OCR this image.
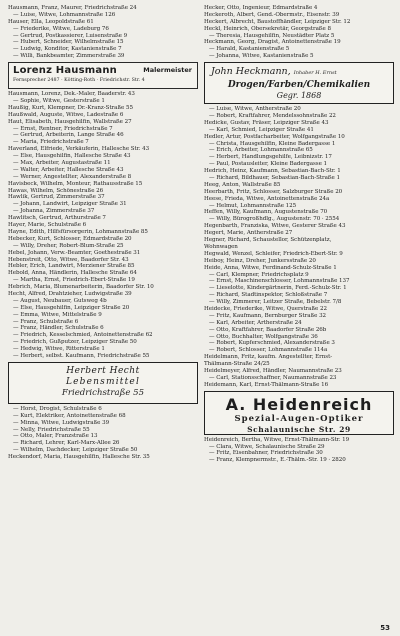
Hausmann, Franz, Maurer, Friedrichstraße 24
— Luise, Witwe, Lohmannstraße 126
Hauser, Ella, Leopoldstraße 61
— Friederike, Witwe, Ladeburg 76
— Gertrud, Postkassierer, Luisenstraße 9
— Hubert, Schneider, Wilhelmstraße 15
— Ludwig, Konditor, Kastanienstraße 7
— Willi, Bankbeamter, Zimmerstraße 39
Lorenz Hausmann	Malermeister
Fernsprecher 2487 · Kötting-Roth · Friedrichstr. Str. 4
Hausmann, Lorenz, Dek.-Maler, Baaderstr. 43
— Sophie, Witwe, Gesterstraße 1
Haußig, Kurt, Klempner, Dr.-Kranz-Straße 55
Haußwald, Auguste, Witwe, Ladestraße 6
Haut, Elisabeth, Hausgehilfin, Wallstraße 27
— Ernst, Rentner, Friedrichstraße 7
— Gertrud, Arbeiterin, Lange Straße 46
— Maria, Friedrichstraße 7
Haverland, Elfriede, Verkäuferin, Hallesche Str. 43
— Else, Hausgehilfin, Hallesche Straße 43
— Max, Arbeiter, Augustastraße 11
— Walter, Arbeiter, Hallesche Straße 43
— Werner, Angestellter, Alexanderstraße 8
Havisbeck, Wilhelm, Monteur, Rathausstraße 15
Hawas, Wilhelm, Schönestraße 26
Hawlik, Gertrud, Zimmerstraße 37
— Johann, Landwirt, Leipziger Straße 31
— Johanna, Zimmerstraße 37
Hawlitsch, Gertrud, Arthurstraße 7
Hayer, Marie, Schulstraße 6
Hayne, Edith, Hilfsfürsorgerin, Lohmannstraße 85
Hebecker, Kurt, Schlosser, Edmardstraße 20
— Willy, Dreher, Robert-Blum-Straße 25
Hebel, Johann, Verw.-Beamter, Goethestraße 31
Hebenstreit, Otto, Witwe, Baadorfer Str. 43
Hebler, Erich, Landwirt, Merziener Straße 85
Hebold, Anna, Händlerin, Hallesche Straße 64
— Martha, Ernst, Friedrich-Ebert-Straße 19
Hebrich, Maria, Blumenarbeiterin, Baadorfer Str. 10
Hecht, Alfred, Drahtzieher, Ludwigstraße 39
— August, Neubauer, Gutsweg 4b
— Else, Hausgehilfin, Leipziger Straße 20
— Emma, Witwe, Mittelstraße 9
— Franz, Schulstraße 6
— Franz, Händler, Schulstraße 6
— Friedrich, Kesselschmied, Antoinettenstraße 62
— Friedrich, Gußputzer, Leipziger Straße 50
— Hedwig, Witwe, Ritterstraße 1
— Herbert, selbst. Kaufmann, Friedrichstraße 55
Herbert Hecht
Lebensmittel
Friedrichstraße 55
— Horst, Drogist, Schulstraße 6
— Kurt, Elektriker, Antoinettenstraße 68
— Minna, Witwe, Ludwigstraße 39
— Nelly, Friedrichstraße 55
— Otto, Maler, Franzstraße 13
— Richard, Lehrer, Karl-Marx-Allee 26
— Wilhelm, Dachdecker, Leipziger Straße 50
Heckendorf, Maria, Hausgehilfin, Hallesche Str. 35
Hecker, Otto, Ingenieur, Edmardstraße 4
Heckeroth, Albert, Gend.-Obermstr., Eisenstr. 39
Heckert, Albrecht, Baustoffhändler, Leipziger Str. 12
Heckl, Heinrich, Obersekretär, Georgstraße 8
— Theresia, Hausgehilfin, Neustädter Platz 5
Heckmann, Georg, Dragist, Antoinettenstraße 19
— Harald, Kastanienstraße 5
— Johanna, Witwe, Kastanienstraße 5
John Heckmann, Inhaber H. Ernst
Drogen/Farben/Chemikalien
Gegr. 1868
— Luise, Witwe, Antherstraße 20
— Robert, Kraftfahrer, Mendelssohnstraße 22
Hedicke, Gustav, Fräser, Leipziger Straße 43
— Karl, Schmied, Leipziger Straße 41
Hedler, Artur, Postfacharbeiter, Wolfgangstraße 10
— Christa, Hausgehilfin, Kleine Badergasse 1
— Erich, Arbeiter, Lohmannstraße 65
— Herbert, Handlungsgehilfe, Leibnizstr. 17
— Paul, Postausleiter, Kleine Badergasse 1
Hedrich, Heinz, Kaufmann, Sebastian-Bach-Str. 1
— Richard, Bildhauer, Sebastian-Bach-Straße 1
Heeg, Anton, Wallstraße 85
Heerbarth, Fritz, Schlosser, Salzburger Straße 20
Heese, Frieda, Witwe, Antoinettenstraße 24a
— Helmut, Lohmannstraße 125
Heffen, Willy, Kaufmann, Augustenstraße 70
— Willy, Bürogroßhdlg., Augustenstr. 70 · 2554
Hegenbarth, Franziska, Witwe, Gesterer Straße 43
Hegert, Marie, Antherstraße 27
Hegner, Richard, Schaustellor, Schützenplatz,
Wohnwagen
Hegwald, Wenzel, Schleifer, Friedrich-Ebert-Str. 9
Heiboy, Heinz, Dreher, Junkersstraße 20
Heide, Anna, Witwe, Ferdinand-Schulz-Straße 1
— Carl, Klempner, Friedrichsplatz 9
— Ernst, Maschinenschlosser, Lohmannstraße 137
— Lieselotte, Kindergärtnerin, Ferd.-Schulz-Str. 1
— Richard, Stadtinspektor, Schloßstraße 7
— Willy, Zimmerer, Leitzer Straße, Bebelstr. 7/8
Heidecke, Friederike, Witwe, Querstraße 22
— Fritz, Kaufmann, Bernburger Straße 32
— Karl, Arbeiter, Artherstraße 24
— Otto, Kraftfahrer, Baadorfer Straße 26b
— Otto, Buchhalter, Wolfgangstraße 36
— Robert, Kupferschmied, Alexanderstraße 3
— Robert, Schlosser, Lohmannstraße 114a
Heidelmann, Fritz, kaufm. Angestellter, Ernst-
Thälmann-Straße 24/25
Heidelmeyer, Alfred, Händler, Naumannstraße 23
— Carl, Stationsschaffner, Naumannstraße 23
Heidemann, Karl, Ernst-Thälmann-Straße 16
A. Heidenreich
Spezial-Augen-Optiker
Schalaunische Str. 29
Heidenreich, Bertha, Witwe, Ernst-Thälmann-Str. 19
— Clara, Witwe, Schalaunische Straße 29
— Fritz, Eisenbahner, Friedrichstraße 30
— Franz, Klempnermstr., E.-Thälm.-Str. 19 · 2820
53
